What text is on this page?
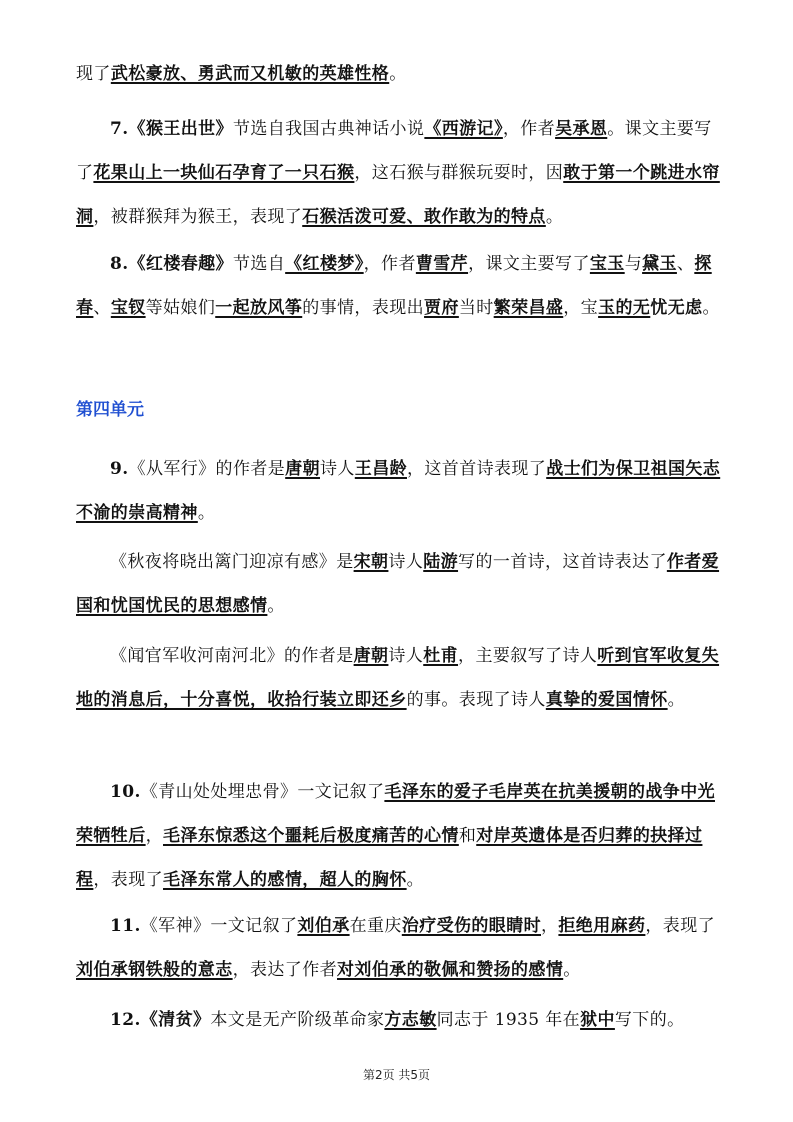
现了武松豪放、勇武而又机敏的英雄性格。

7.《猴王出世》节选自我国古典神话小说《西游记》，作者吴承恩。课文主要写了花果山上一块仙石孕育了一只石猴，这石猴与群猴玩耍时，因敢于第一个跳进水帘洞，被群猴拜为猴王，表现了石猴活泼可爱、敢作敢为的特点。

8.《红楼春趣》节选自《红楼梦》，作者曹雪芹，课文主要写了宝玉与黛玉、探春、宝钗等姑娘们一起放风筝的事情，表现出贾府当时繁荣昌盛，宝玉的无忧无虑。

第四单元

9.《从军行》的作者是唐朝诗人王昌龄，这首首诗表现了战士们为保卫祖国矢志不渝的崇高精神。

《秋夜将晓出篱门迎凉有感》是宋朝诗人陆游写的一首诗，这首诗表达了作者爱国和忧国忧民的思想感情。

《闻官军收河南河北》的作者是唐朝诗人杜甫，主要叙写了诗人听到官军收复失地的消息后，十分喜悦，收拾行装立即还乡的事。表现了诗人真挚的爱国情怀。

10.《青山处处埋忠骨》一文记叙了毛泽东的爱子毛岸英在抗美援朝的战争中光荣牺牲后，毛泽东惊悉这个噩耗后极度痛苦的心情和对岸英遗体是否归葬的抉择过程，表现了毛泽东常人的感情，超人的胸怀。

11.《军神》一文记叙了刘伯承在重庆治疗受伤的眼睛时，拒绝用麻药，表现了刘伯承钢铁般的意志，表达了作者对刘伯承的敬佩和赞扬的感情。

12.《清贫》本文是无产阶级革命家方志敏同志于 1935 年在狱中写下的。

第2页 共5页
